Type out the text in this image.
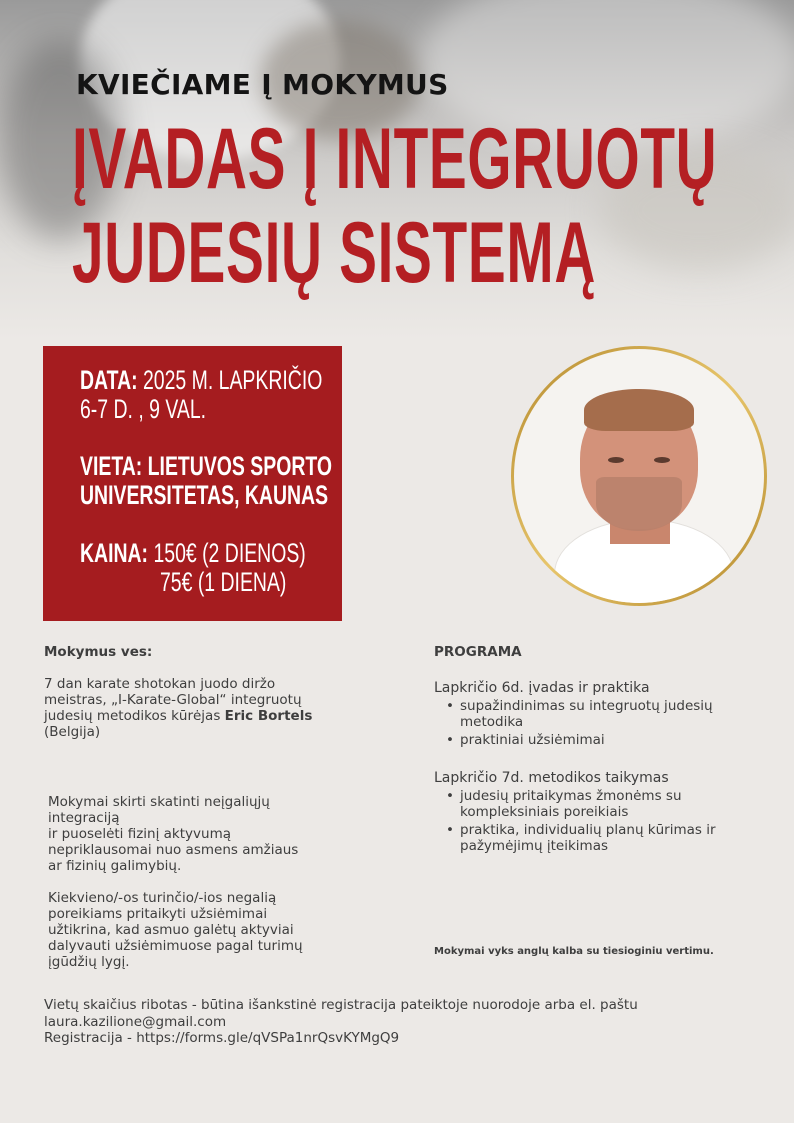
KVIEČIAME Į MOKYMUS
ĮVADAS Į INTEGRUOTŲ
JUDESIŲ SISTEMĄ
DATA: 2025 M. LAPKRIČIO
6-7 D. , 9 VAL.
VIETA: LIETUVOS SPORTO
UNIVERSITETAS, KAUNAS
KAINA: 150€ (2 DIENOS)
75€ (1 DIENA)
Mokymus ves:
7 dan karate shotokan juodo diržo
meistras, „I-Karate-Global“ integruotų
judesių metodikos kūrėjas Eric Bortels
(Belgija)
Mokymai skirti skatinti neįgaliųjų
integraciją
ir puoselėti fizinį aktyvumą
nepriklausomai nuo asmens amžiaus
ar fizinių galimybių.
Kiekvieno/-os turinčio/-ios negalią
poreikiams pritaikyti užsiėmimai
užtikrina, kad asmuo galėtų aktyviai
dalyvauti užsiėmimuose pagal turimų
įgūdžių lygį.
PROGRAMA
Lapkričio 6d. įvadas ir praktika
• supažindinimas su integruotų judesių
metodika
• praktiniai užsiėmimai
Lapkričio 7d. metodikos taikymas
• judesių pritaikymas žmonėms su
kompleksiniais poreikiais
• praktika, individualių planų kūrimas ir
pažymėjimų įteikimas
Mokymai vyks anglų kalba su tiesioginiu vertimu.
Vietų skaičius ribotas - būtina išankstinė registracija pateiktoje nuorodoje arba el. paštu
laura.kazilione@gmail.com
Registracija - https://forms.gle/qVSPa1nrQsvKYMgQ9
